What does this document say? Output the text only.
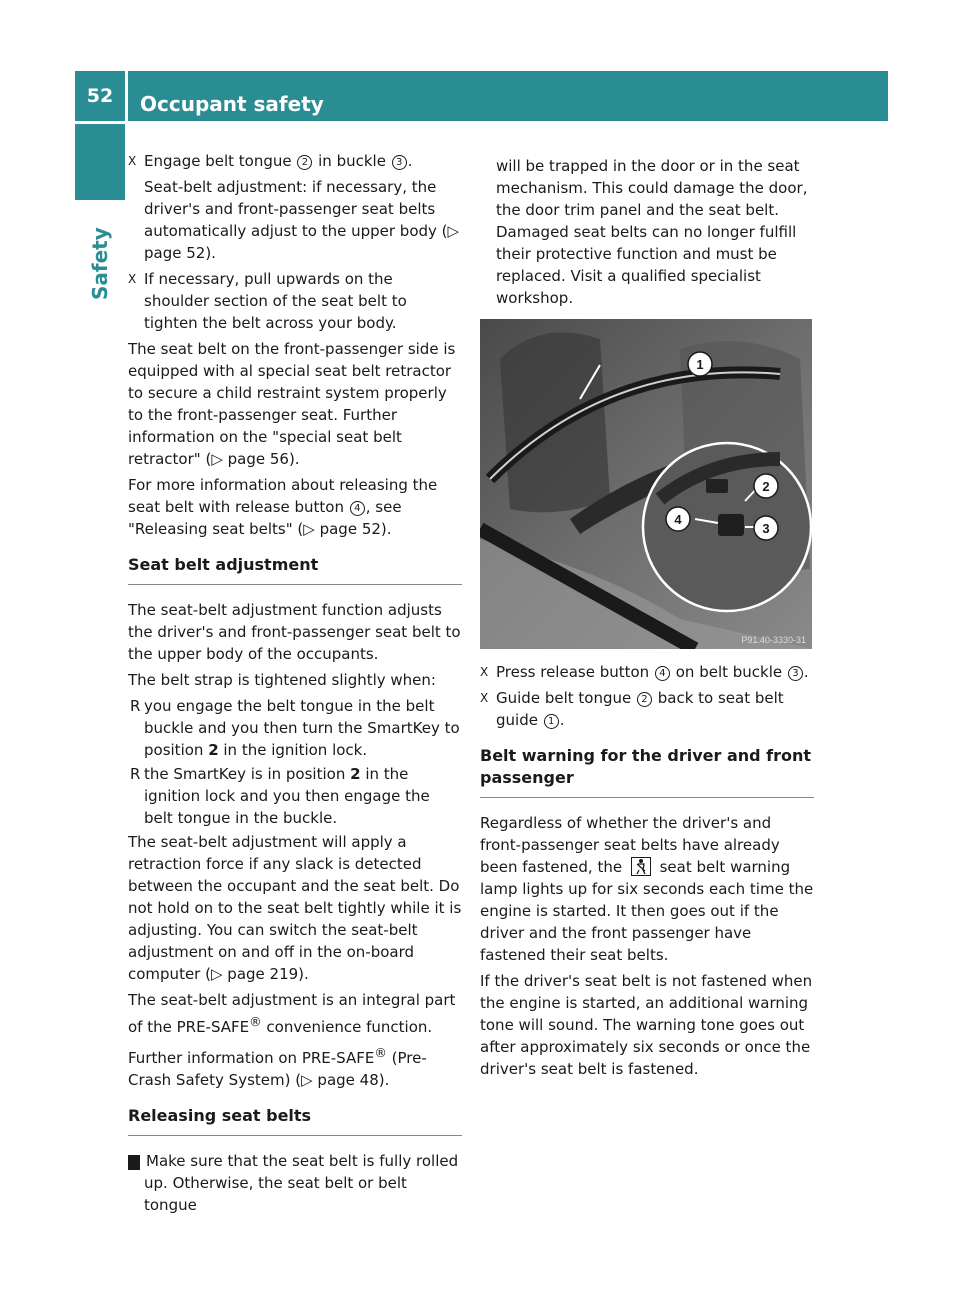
52	Occupant safety
Safety
X Engage belt tongue 2 in buckle 3 .

Seat-belt adjustment: if necessary, the driver's and front-passenger seat belts automatically adjust to the upper body (▷ page 52).

X If necessary, pull upwards on the shoulder section of the seat belt to tighten the belt across your body.

The seat belt on the front-passenger side is equipped with al special seat belt retractor to secure a child restraint system properly to the front-passenger seat. Further information on the "special seat belt retractor" (▷ page 56).

For more information about releasing the seat belt with release button 4 , see "Releasing seat belts" (▷ page 52).

Seat belt adjustment

The seat-belt adjustment function adjusts the driver's and front-passenger seat belt to the upper body of the occupants.

The belt strap is tightened slightly when:

R you engage the belt tongue in the belt buckle and you then turn the SmartKey to position 2 in the ignition lock.
R the SmartKey is in position 2 in the ignition lock and you then engage the belt tongue in the buckle.

The seat-belt adjustment will apply a retraction force if any slack is detected between the occupant and the seat belt. Do not hold on to the seat belt tightly while it is adjusting. You can switch the seat-belt adjustment on and off in the on-board computer (▷ page 219).

The seat-belt adjustment is an integral part of the PRE-SAFE® convenience function.

Further information on PRE-SAFE® (Pre-Crash Safety System) (▷ page 48).

Releasing seat belts

! Make sure that the seat belt is fully rolled up. Otherwise, the seat belt or belt tongue

will be trapped in the door or in the seat mechanism. This could damage the door, the door trim panel and the seat belt. Damaged seat belts can no longer fulfill their protective function and must be replaced. Visit a qualified specialist workshop.

1
2
3
4
P91.40-3330-31
X Press release button 4 on belt buckle 3 .
X Guide belt tongue 2 back to seat belt guide 1 .
Belt warning for the driver and front passenger

Regardless of whether the driver's and front-passenger seat belts have already been fastened, the  seat belt warning lamp lights up for six seconds each time the engine is started. It then goes out if the driver and the front passenger have fastened their seat belts.

If the driver's seat belt is not fastened when the engine is started, an additional warning tone will sound. The warning tone goes out after approximately six seconds or once the driver's seat belt is fastened.
